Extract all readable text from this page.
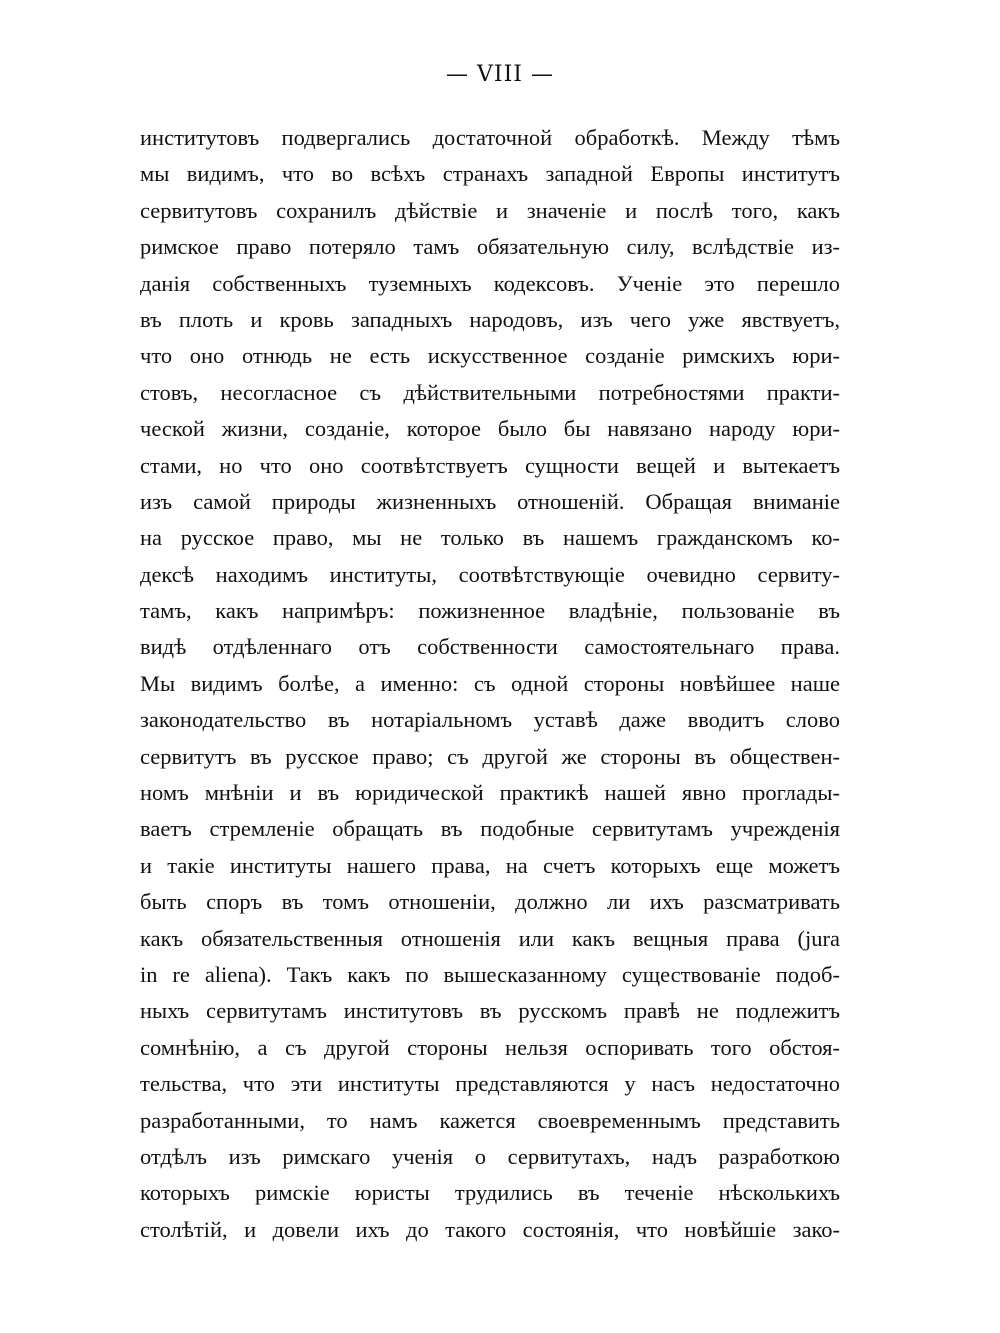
— VIII —
институтовъ подвергались достаточной обработкѣ. Между тѣмъ
мы видимъ, что во всѣхъ странахъ западной Европы институтъ
сервитутовъ сохранилъ дѣйствіе и значеніе и послѣ того, какъ
римское право потеряло тамъ обязательную силу, вслѣдствіе из-
данія собственныхъ туземныхъ кодексовъ. Ученіе это перешло
въ плоть и кровь западныхъ народовъ, изъ чего уже явствуетъ,
что оно отнюдь не есть искусственное созданіе римскихъ юри-
стовъ, несогласное съ дѣйствительными потребностями практи-
ческой жизни, созданіе, которое было бы навязано народу юри-
стами, но что оно соотвѣтствуетъ сущности вещей и вытекаетъ
изъ самой природы жизненныхъ отношеній. Обращая вниманіе
на русское право, мы не только въ нашемъ гражданскомъ ко-
дексѣ находимъ институты, соотвѣтствующіе очевидно сервиту-
тамъ, какъ напримѣръ: пожизненное владѣніе, пользованіе въ
видѣ отдѣленнаго отъ собственности самостоятельнаго права.
Мы видимъ болѣе, а именно: съ одной стороны новѣйшее наше
законодательство въ нотаріальномъ уставѣ даже вводитъ слово
сервитутъ въ русское право; съ другой же стороны въ обществен-
номъ мнѣніи и въ юридической практикѣ нашей явно проглады-
ваетъ стремленіе обращать въ подобные сервитутамъ учрежденія
и такіе институты нашего права, на счетъ которыхъ еще можетъ
быть споръ въ томъ отношеніи, должно ли ихъ разсматривать
какъ обязательственныя отношенія или какъ вещныя права (jura
in re aliena). Такъ какъ по вышесказанному существованіе подоб-
ныхъ сервитутамъ институтовъ въ русскомъ правѣ не подлежитъ
сомнѣнію, а съ другой стороны нельзя оспоривать того обстоя-
тельства, что эти институты представляются у насъ недостаточно
разработанными, то намъ кажется своевременнымъ представить
отдѣлъ изъ римскаго ученія о сервитутахъ, надъ разработкою
которыхъ римскіе юристы трудились въ теченіе нѣсколькихъ
столѣтій, и довели ихъ до такого состоянія, что новѣйшіе зако-
